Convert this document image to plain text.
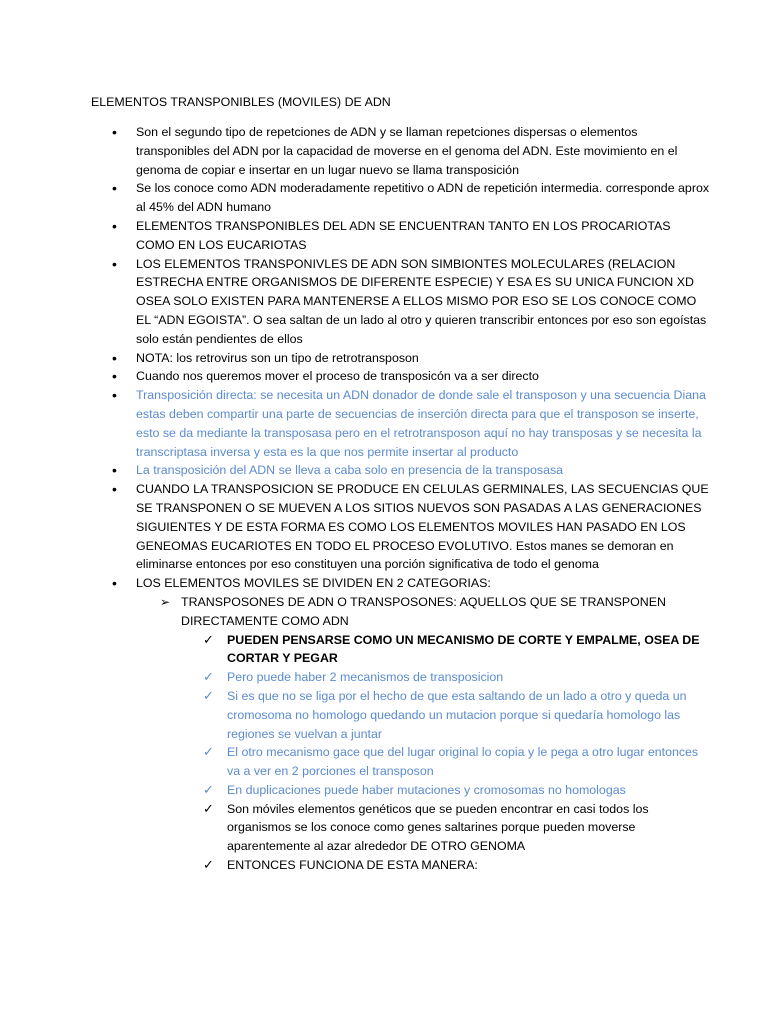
ELEMENTOS TRANSPONIBLES (MOVILES) DE ADN
• Son el segundo tipo de repetciones de ADN y se llaman repetciones dispersas o elementos transponibles del ADN por la capacidad de moverse en el genoma del ADN. Este movimiento en el genoma de copiar e insertar en un lugar nuevo se llama transposición
• Se los conoce como ADN moderadamente repetitivo o ADN de repetición intermedia. corresponde aprox al 45% del ADN humano
• ELEMENTOS TRANSPONIBLES DEL ADN SE ENCUENTRAN TANTO EN LOS PROCARIOTAS COMO EN LOS EUCARIOTAS
• LOS ELEMENTOS TRANSPONIVLES DE ADN SON SIMBIONTES MOLECULARES (RELACION ESTRECHA ENTRE ORGANISMOS DE DIFERENTE ESPECIE) Y ESA ES SU UNICA FUNCION XD OSEA SOLO EXISTEN PARA MANTENERSE A ELLOS MISMO POR ESO SE LOS CONOCE COMO EL “ADN EGOISTA”. O sea saltan de un lado al otro y quieren transcribir entonces por eso son egoístas solo están pendientes de ellos
• NOTA: los retrovirus son un tipo de retrotransposon
• Cuando nos queremos mover el proceso de transposicón va a ser directo
• Transposición directa: se necesita un ADN donador de donde sale el transposon y una secuencia Diana estas deben compartir una parte de secuencias de inserción directa para que el transposon se inserte, esto se da mediante la transposasa pero en el retrotransposon aquí no hay transposas y se necesita la transcriptasa inversa y esta es la que nos permite insertar al producto
• La transposición del ADN se lleva a caba solo en presencia de la transposasa
• CUANDO LA TRANSPOSICION SE PRODUCE EN CELULAS GERMINALES, LAS SECUENCIAS QUE SE TRANSPONEN O SE MUEVEN A LOS SITIOS NUEVOS SON PASADAS A LAS GENERACIONES SIGUIENTES Y DE ESTA FORMA ES COMO LOS ELEMENTOS MOVILES HAN PASADO EN LOS GENEOMAS EUCARIOTES EN TODO EL PROCESO EVOLUTIVO. Estos manes se demoran en eliminarse entonces por eso constituyen una porción significativa de todo el genoma
• LOS ELEMENTOS MOVILES SE DIVIDEN EN 2 CATEGORIAS:
➢ TRANSPOSONES DE ADN O TRANSPOSONES: AQUELLOS QUE SE TRANSPONEN DIRECTAMENTE COMO ADN
✓ PUEDEN PENSARSE COMO UN MECANISMO DE CORTE Y EMPALME, OSEA DE CORTAR Y PEGAR
✓ Pero puede haber 2 mecanismos de transposicion
✓ Si es que no se liga por el hecho de que esta saltando de un lado a otro y queda un cromosoma no homologo quedando un mutacion porque si quedaría homologo las regiones se vuelvan a juntar
✓ El otro mecanismo gace que del lugar original lo copia y le pega a otro lugar entonces va a ver en 2 porciones el transposon
✓ En duplicaciones puede haber mutaciones y cromosomas no homologas
✓ Son móviles elementos genéticos que se pueden encontrar en casi todos los organismos se los conoce como genes saltarines porque pueden moverse aparentemente al azar alrededor DE OTRO GENOMA
✓ ENTONCES FUNCIONA DE ESTA MANERA:
